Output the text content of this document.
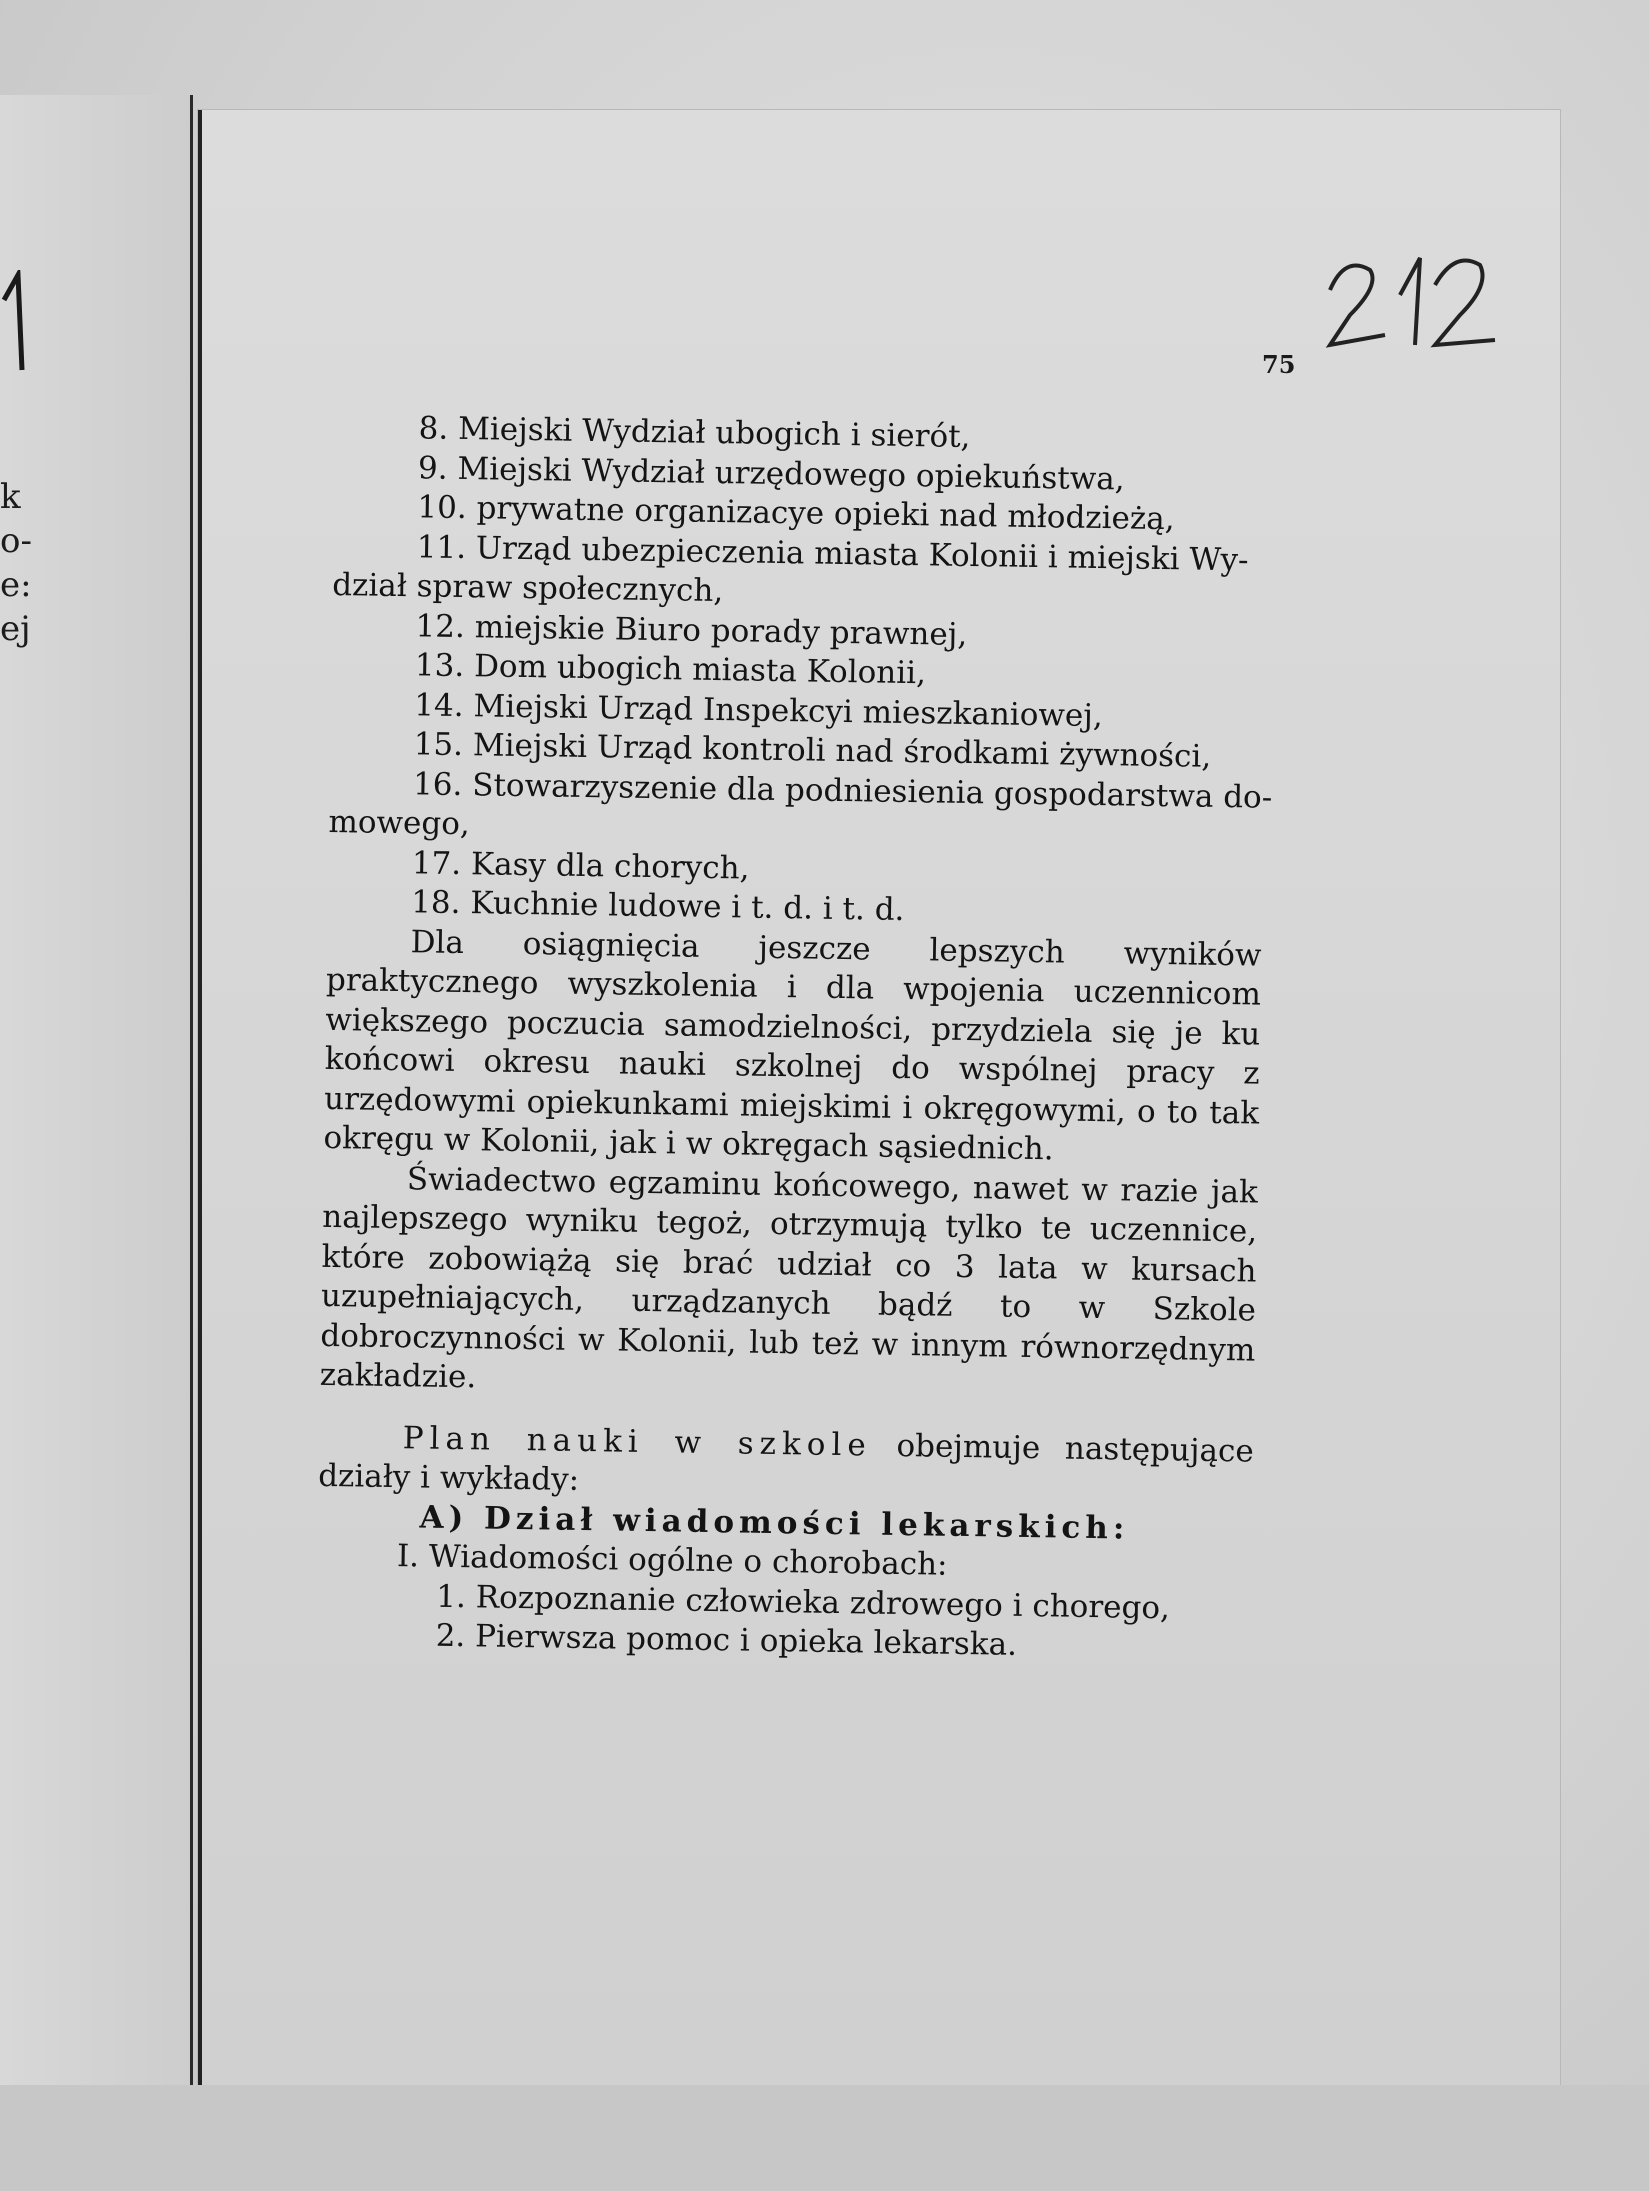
k
o-
e:
ej
75
8. Miejski Wydział ubogich i sierót,
9. Miejski Wydział urzędowego opiekuństwa,
10. prywatne organizacye opieki nad młodzieżą,
11. Urząd ubezpieczenia miasta Kolonii i miejski Wy-
dział spraw społecznych,
12. miejskie Biuro porady prawnej,
13. Dom ubogich miasta Kolonii,
14. Miejski Urząd Inspekcyi mieszkaniowej,
15. Miejski Urząd kontroli nad środkami żywności,
16. Stowarzyszenie dla podniesienia gospodarstwa do-
mowego,
17. Kasy dla chorych,
18. Kuchnie ludowe i t. d. i t. d.
Dla osiągnięcia jeszcze lepszych wyników praktycznego wyszkolenia i dla wpojenia uczennicom większego poczucia samodzielności, przydziela się je ku końcowi okresu nauki szkolnej do wspólnej pracy z urzędowymi opiekunkami miejskimi i okręgowymi, o to tak okręgu w Kolonii, jak i w okręgach sąsiednich.
Świadectwo egzaminu końcowego, nawet w razie jak najlepszego wyniku tegoż, otrzymują tylko te uczennice, które zobowiążą się brać udział co 3 lata w kursach uzupełniających, urządzanych bądź to w Szkole dobroczynności w Kolonii, lub też w innym równorzędnym zakładzie.
Plan nauki w szkole obejmuje następujące działy i wykłady:
A) Dział wiadomości lekarskich:
I. Wiadomości ogólne o chorobach:
1. Rozpoznanie człowieka zdrowego i chorego,
2. Pierwsza pomoc i opieka lekarska.
